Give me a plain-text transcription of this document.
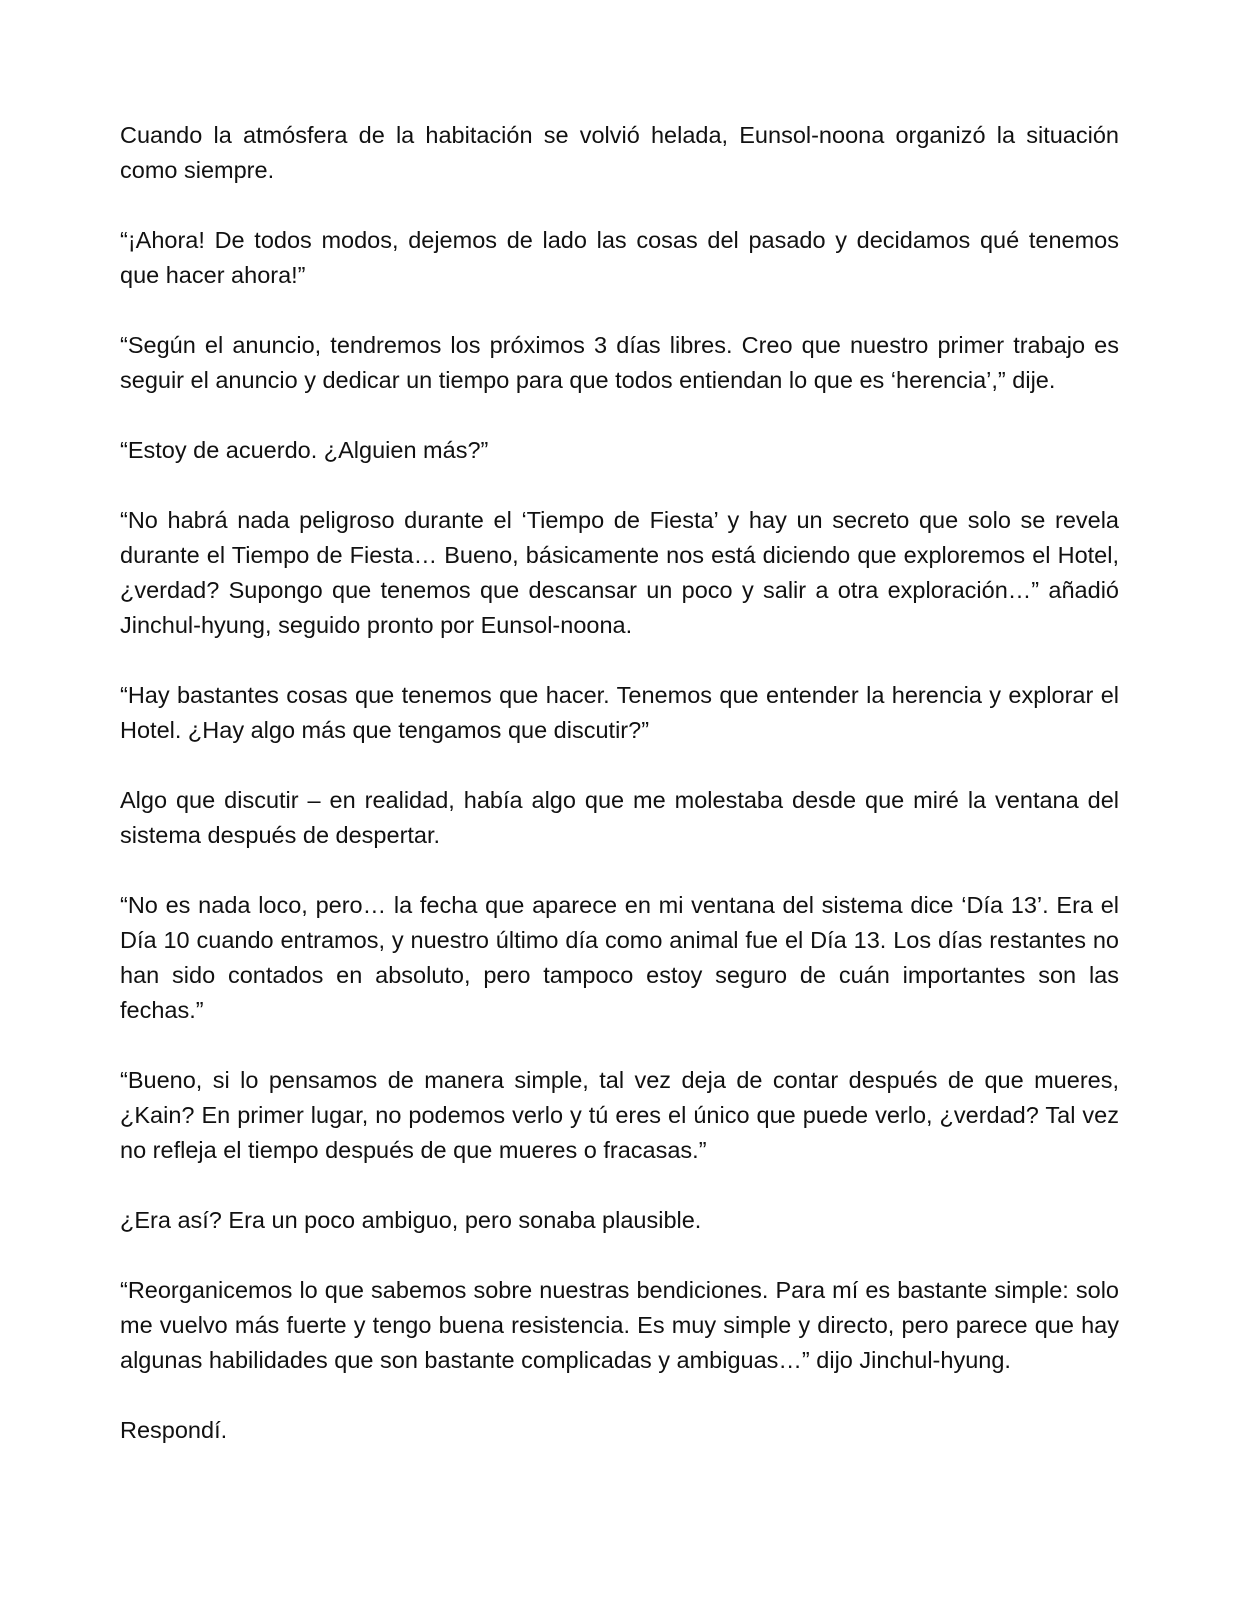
Cuando la atmósfera de la habitación se volvió helada, Eunsol-noona organizó la situación como siempre.

“¡Ahora! De todos modos, dejemos de lado las cosas del pasado y decidamos qué tenemos que hacer ahora!”

“Según el anuncio, tendremos los próximos 3 días libres. Creo que nuestro primer trabajo es seguir el anuncio y dedicar un tiempo para que todos entiendan lo que es ‘herencia’,” dije.

“Estoy de acuerdo. ¿Alguien más?”

“No habrá nada peligroso durante el ‘Tiempo de Fiesta’ y hay un secreto que solo se revela durante el Tiempo de Fiesta… Bueno, básicamente nos está diciendo que exploremos el Hotel, ¿verdad? Supongo que tenemos que descansar un poco y salir a otra exploración…” añadió Jinchul-hyung, seguido pronto por Eunsol-noona.

“Hay bastantes cosas que tenemos que hacer. Tenemos que entender la herencia y explorar el Hotel. ¿Hay algo más que tengamos que discutir?”

Algo que discutir – en realidad, había algo que me molestaba desde que miré la ventana del sistema después de despertar.

“No es nada loco, pero… la fecha que aparece en mi ventana del sistema dice ‘Día 13’. Era el Día 10 cuando entramos, y nuestro último día como animal fue el Día 13. Los días restantes no han sido contados en absoluto, pero tampoco estoy seguro de cuán importantes son las fechas.”

“Bueno, si lo pensamos de manera simple, tal vez deja de contar después de que mueres, ¿Kain? En primer lugar, no podemos verlo y tú eres el único que puede verlo, ¿verdad? Tal vez no refleja el tiempo después de que mueres o fracasas.”

¿Era así? Era un poco ambiguo, pero sonaba plausible.

“Reorganicemos lo que sabemos sobre nuestras bendiciones. Para mí es bastante simple: solo me vuelvo más fuerte y tengo buena resistencia. Es muy simple y directo, pero parece que hay algunas habilidades que son bastante complicadas y ambiguas…” dijo Jinchul-hyung.

Respondí.
